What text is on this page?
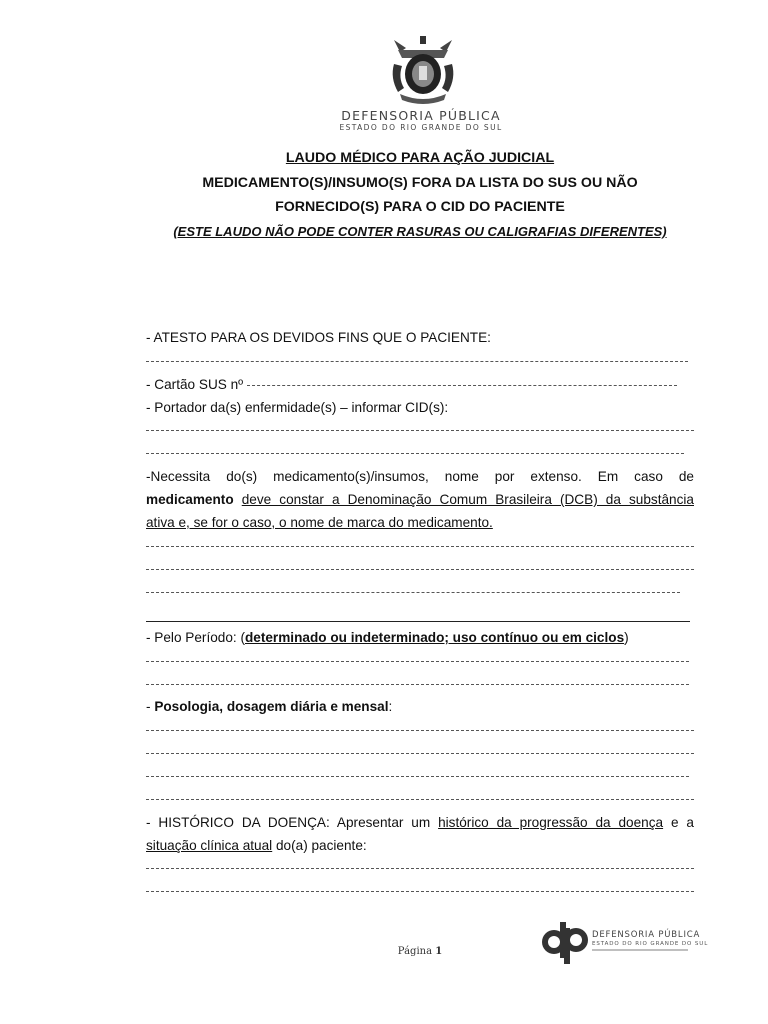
DEFENSORIA PÚBLICA
ESTADO DO RIO GRANDE DO SUL
LAUDO MÉDICO PARA AÇÃO JUDICIAL
MEDICAMENTO(S)/INSUMO(S) FORA DA LISTA DO SUS OU NÃO
FORNECIDO(S) PARA O CID DO PACIENTE
(ESTE LAUDO NÃO PODE CONTER RASURAS OU CALIGRAFIAS DIFERENTES)
- ATESTO PARA OS DEVIDOS FINS QUE O PACIENTE:
- Cartão SUS nº
- Portador da(s) enfermidade(s) – informar CID(s):
-Necessita do(s) medicamento(s)/insumos, nome por extenso. Em caso de
medicamento deve constar a Denominação Comum Brasileira (DCB) da substância
ativa e, se for o caso, o nome de marca do medicamento.
- Pelo Período: (determinado ou indeterminado; uso contínuo ou em ciclos)
- Posologia, dosagem diária e mensal:
- HISTÓRICO DA DOENÇA: Apresentar um histórico da progressão da doença e a
situação clínica atual do(a) paciente:
Página 1
DEFENSORIA PÚBLICA
ESTADO DO RIO GRANDE DO SUL
